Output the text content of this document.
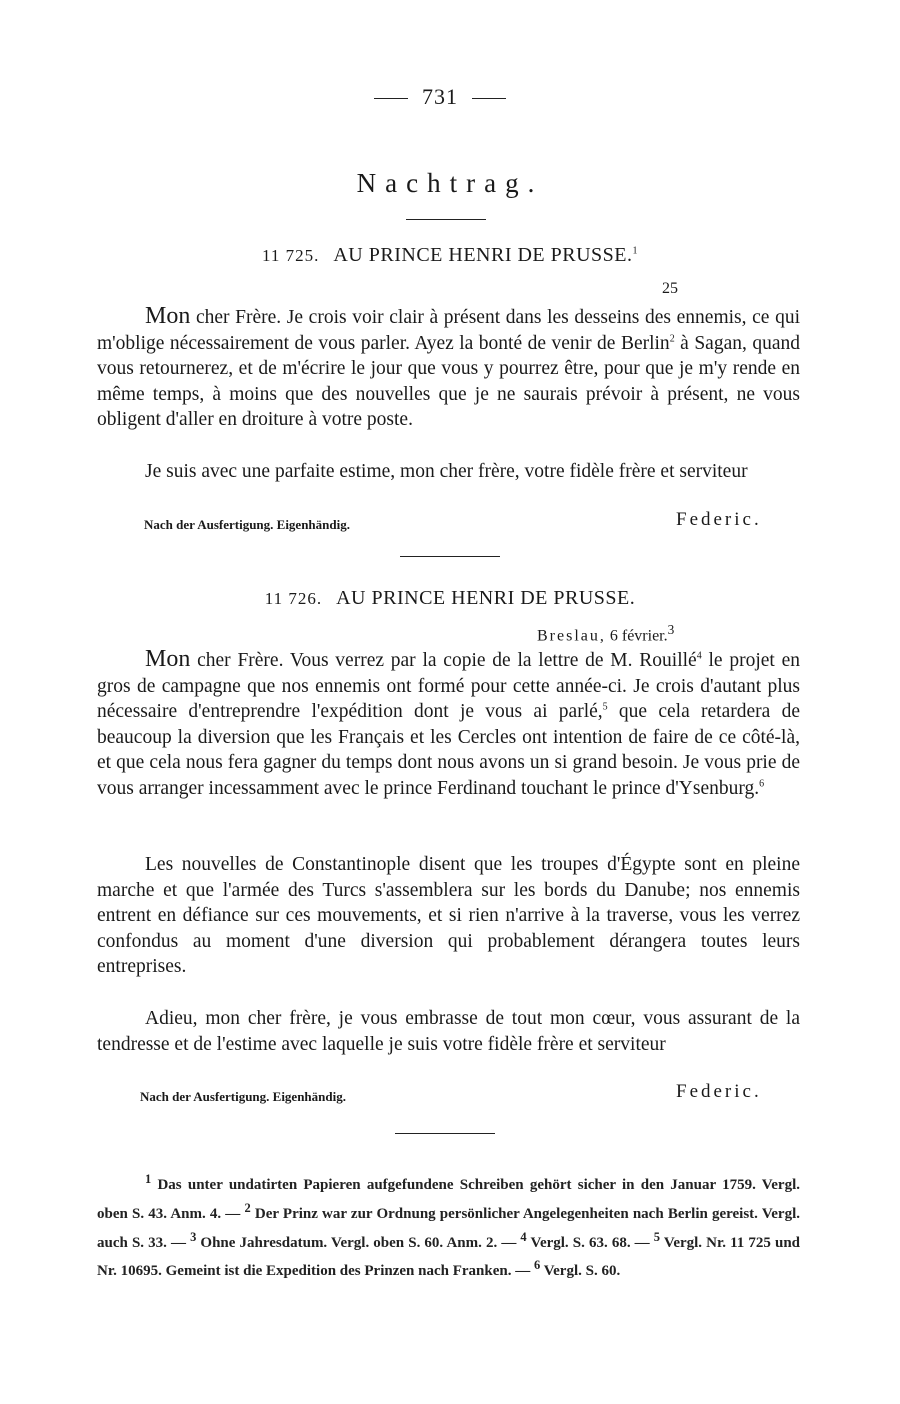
731
Nachtrag.
11 725. AU PRINCE HENRI DE PRUSSE.$^1$
25

Mon cher Frère. Je crois voir clair à présent dans les desseins des ennemis, ce qui m'oblige nécessairement de vous parler. Ayez la bonté de venir de Berlin$^2$ à Sagan, quand vous retournerez, et de m'écrire le jour que vous y pourrez être, pour que je m'y rende en même temps, à moins que des nouvelles que je ne saurais prévoir à présent, ne vous obligent d'aller en droiture à votre poste.

Je suis avec une parfaite estime, mon cher frère, votre fidèle frère et serviteur

Nach der Ausfertigung. Eigenhändig.	Federic.
11 726. AU PRINCE HENRI DE PRUSSE.
Breslau, 6 février.$^3$

Mon cher Frère. Vous verrez par la copie de la lettre de M. Rouillé$^4$ le projet en gros de campagne que nos ennemis ont formé pour cette année-ci. Je crois d'autant plus nécessaire d'entreprendre l'expédition dont je vous ai parlé,$^5$ que cela retardera de beaucoup la diversion que les Français et les Cercles ont intention de faire de ce côté-là, et que cela nous fera gagner du temps dont nous avons un si grand besoin. Je vous prie de vous arranger incessamment avec le prince Ferdinand touchant le prince d'Ysenburg.$^6$

Les nouvelles de Constantinople disent que les troupes d'Égypte sont en pleine marche et que l'armée des Turcs s'assemblera sur les bords du Danube; nos ennemis entrent en défiance sur ces mouvements, et si rien n'arrive à la traverse, vous les verrez confondus au moment d'une diversion qui probablement dérangera toutes leurs entreprises.

Adieu, mon cher frère, je vous embrasse de tout mon cœur, vous assurant de la tendresse et de l'estime avec laquelle je suis votre fidèle frère et serviteur

Nach der Ausfertigung. Eigenhändig.	Federic.

$^1$ Das unter undatirten Papieren aufgefundene Schreiben gehört sicher in den Januar 1759. Vergl. oben S. 43. Anm. 4. — $^2$ Der Prinz war zur Ordnung persönlicher Angelegenheiten nach Berlin gereist. Vergl. auch S. 33. — $^3$ Ohne Jahresdatum. Vergl. oben S. 60. Anm. 2. — $^4$ Vergl. S. 63. 68. — $^5$ Vergl. Nr. 11 725 und Nr. 10695. Gemeint ist die Expedition des Prinzen nach Franken. — $^6$ Vergl. S. 60.
